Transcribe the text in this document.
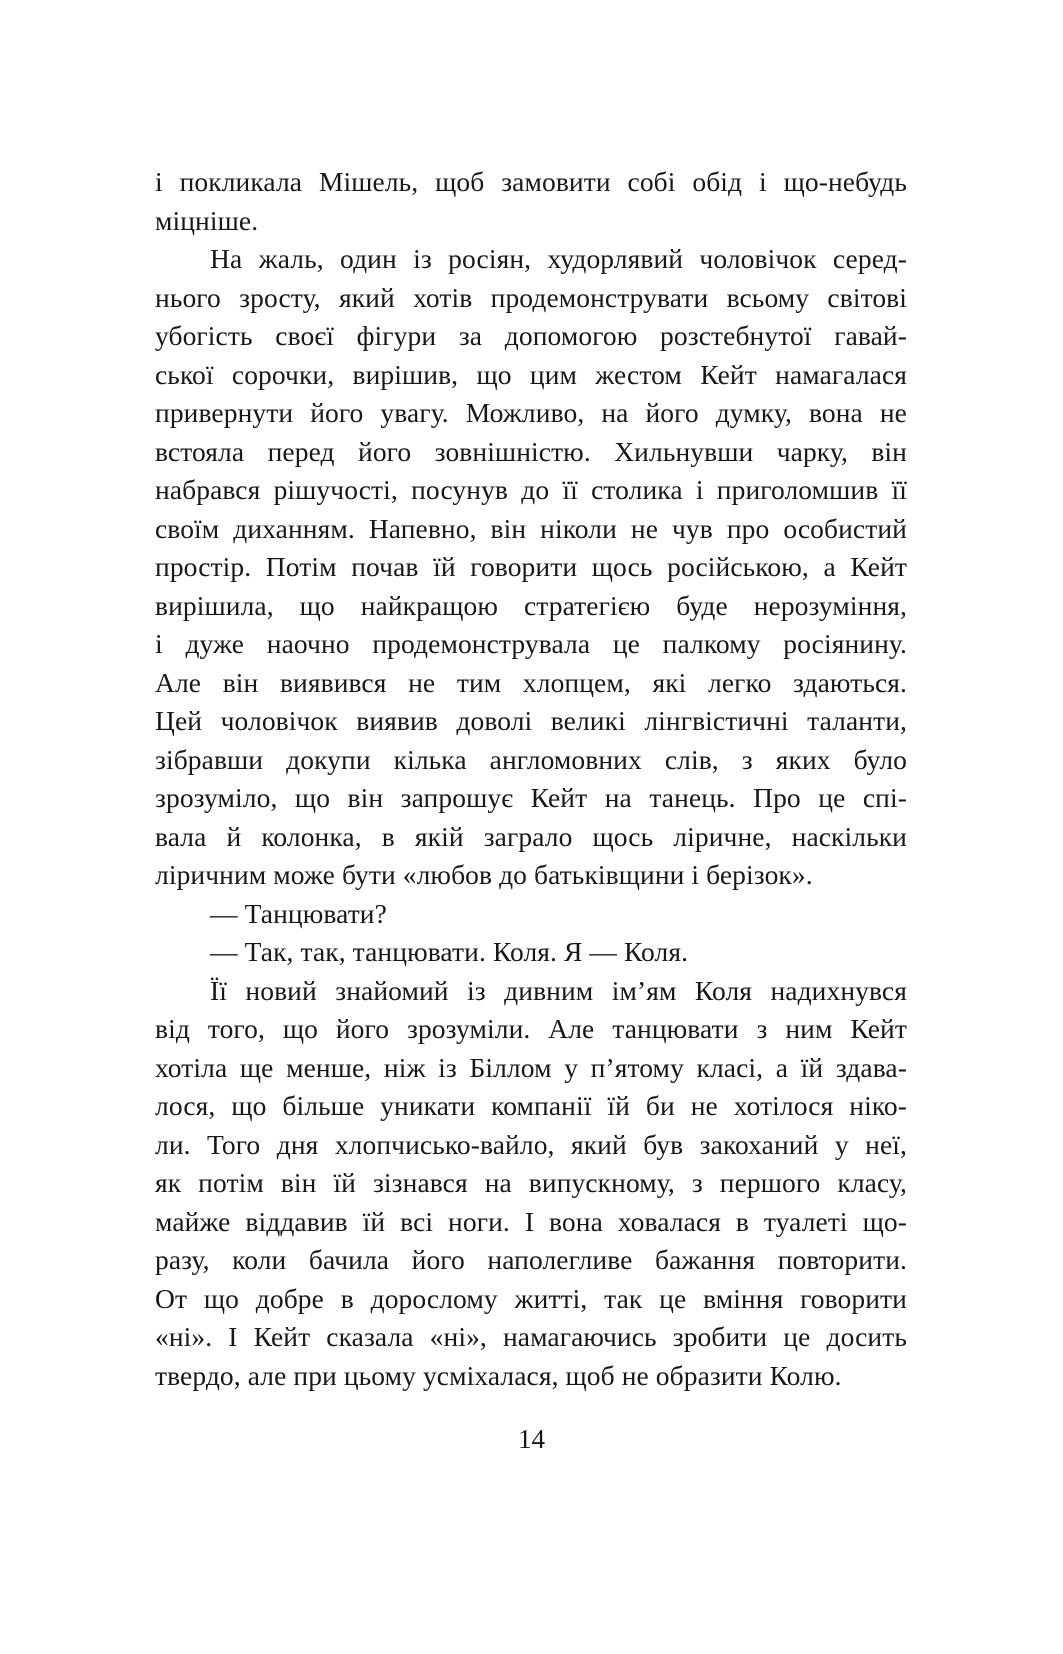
і покликала Мішель, щоб замовити собі обід і що-небудь
міцніше.
На жаль, один із росіян, худорлявий чоловічок серед-
нього зросту, який хотів продемонструвати всьому світові
убогість своєї фігури за допомогою розстебнутої гавай-
ської сорочки, вирішив, що цим жестом Кейт намагалася
привернути його увагу. Можливо, на його думку, вона не
встояла перед його зовнішністю. Хильнувши чарку, він
набрався рішучості, посунув до її столика і приголомшив її
своїм диханням. Напевно, він ніколи не чув про особистий
простір. Потім почав їй говорити щось російською, а Кейт
вирішила, що найкращою стратегією буде нерозуміння,
і дуже наочно продемонструвала це палкому росіянину.
Але він виявився не тим хлопцем, які легко здаються.
Цей чоловічок виявив доволі великі лінгвістичні таланти,
зібравши докупи кілька англомовних слів, з яких було
зрозуміло, що він запрошує Кейт на танець. Про це спі-
вала й колонка, в якій заграло щось ліричне, наскільки
ліричним може бути «любов до батьківщини і берізок».
— Танцювати?
— Так, так, танцювати. Коля. Я — Коля.
Її новий знайомий із дивним ім’ям Коля надихнувся
від того, що його зрозуміли. Але танцювати з ним Кейт
хотіла ще менше, ніж із Біллом у п’ятому класі, а їй здава-
лося, що більше уникати компанії їй би не хотілося ніко-
ли. Того дня хлопчисько-вайло, який був закоханий у неї,
як потім він їй зізнався на випускному, з першого класу,
майже віддавив їй всі ноги. І вона ховалася в туалеті що-
разу, коли бачила його наполегливе бажання повторити.
От що добре в дорослому житті, так це вміння говорити
«ні». І Кейт сказала «ні», намагаючись зробити це досить
твердо, але при цьому усміхалася, щоб не образити Колю.
14
